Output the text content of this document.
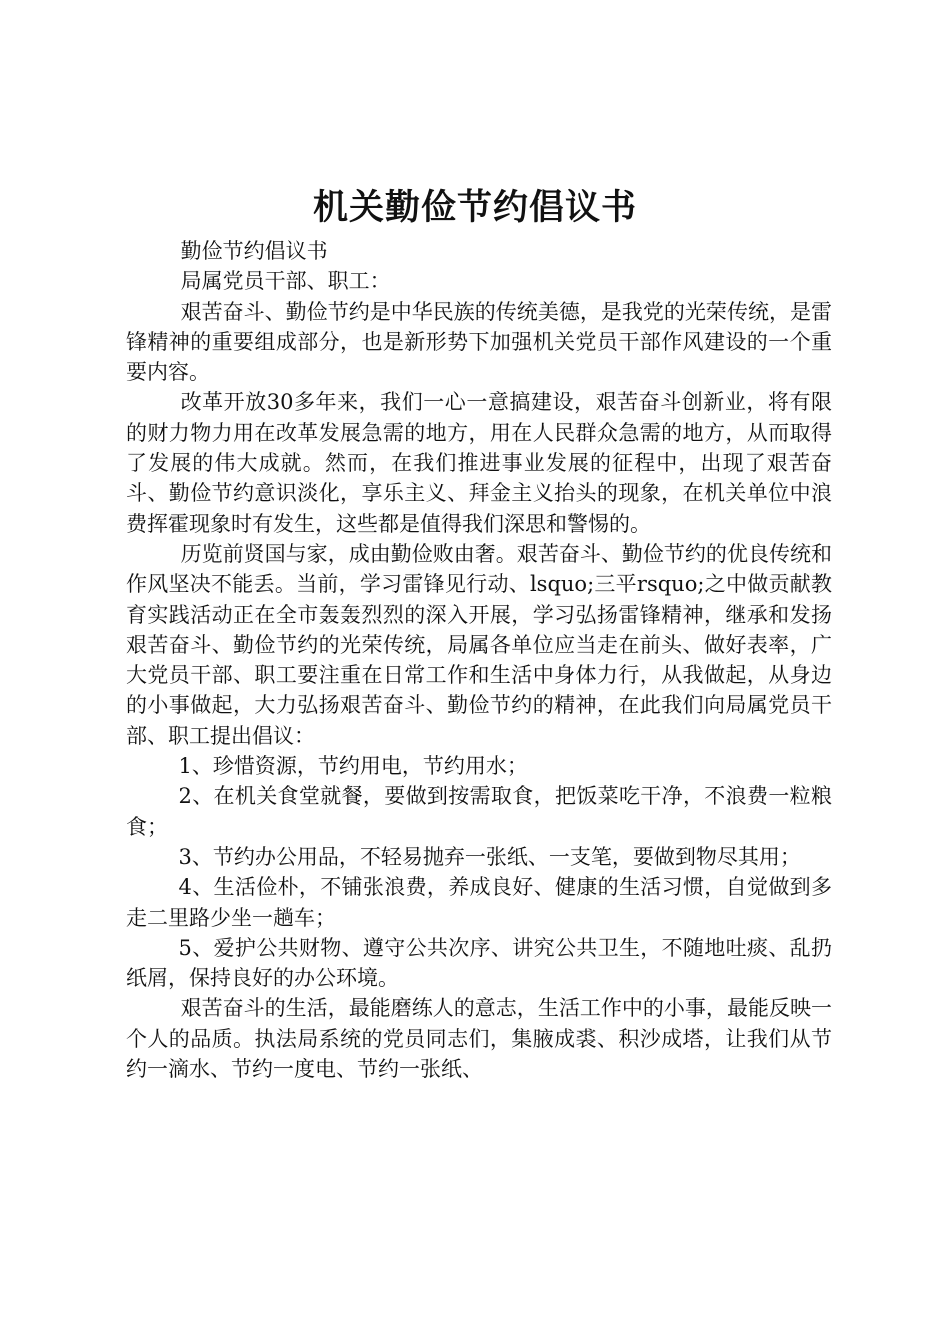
机关勤俭节约倡议书

勤俭节约倡议书

局属党员干部、职工：

艰苦奋斗、勤俭节约是中华民族的传统美德，是我党的光荣传统，是雷锋精神的重要组成部分，也是新形势下加强机关党员干部作风建设的一个重要内容。

改革开放30多年来，我们一心一意搞建设，艰苦奋斗创新业，将有限的财力物力用在改革发展急需的地方，用在人民群众急需的地方，从而取得了发展的伟大成就。然而，在我们推进事业发展的征程中，出现了艰苦奋斗、勤俭节约意识淡化，享乐主义、拜金主义抬头的现象，在机关单位中浪费挥霍现象时有发生，这些都是值得我们深思和警惕的。

历览前贤国与家，成由勤俭败由奢。艰苦奋斗、勤俭节约的优良传统和作风坚决不能丢。当前，学习雷锋见行动、lsquo;三平rsquo;之中做贡献教育实践活动正在全市轰轰烈烈的深入开展，学习弘扬雷锋精神，继承和发扬艰苦奋斗、勤俭节约的光荣传统，局属各单位应当走在前头、做好表率，广大党员干部、职工要注重在日常工作和生活中身体力行，从我做起，从身边的小事做起，大力弘扬艰苦奋斗、勤俭节约的精神，在此我们向局属党员干部、职工提出倡议：

1、珍惜资源，节约用电，节约用水；

2、在机关食堂就餐，要做到按需取食，把饭菜吃干净，不浪费一粒粮食；

3、节约办公用品，不轻易抛弃一张纸、一支笔，要做到物尽其用；

4、生活俭朴，不铺张浪费，养成良好、健康的生活习惯，自觉做到多走二里路少坐一趟车；

5、爱护公共财物、遵守公共次序、讲究公共卫生，不随地吐痰、乱扔纸屑，保持良好的办公环境。

艰苦奋斗的生活，最能磨练人的意志，生活工作中的小事，最能反映一个人的品质。执法局系统的党员同志们，集腋成裘、积沙成塔，让我们从节约一滴水、节约一度电、节约一张纸、
